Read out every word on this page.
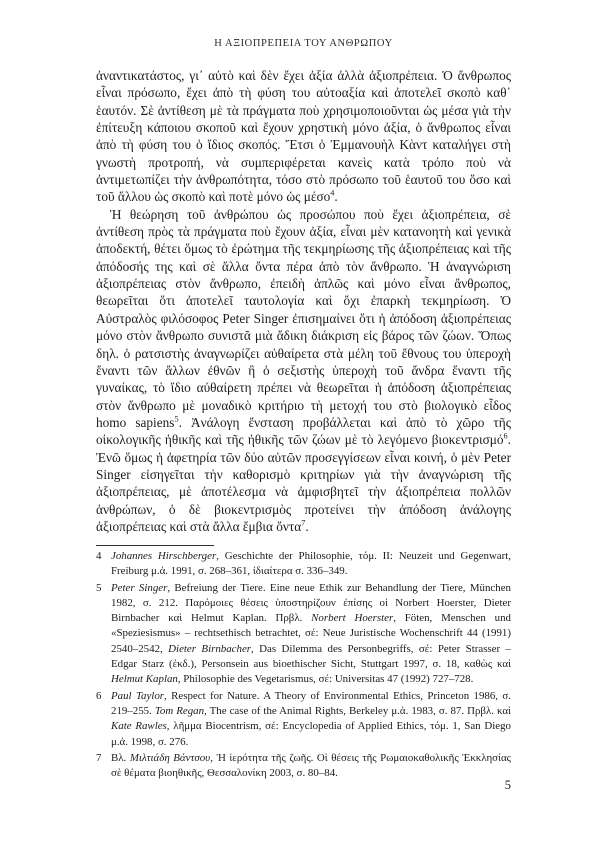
Η ΑΞΙΟΠΡΕΠΕΙΑ ΤΟΥ ΑΝΘΡΩΠΟΥ

ἀναντικατάστος, γι᾽ αὐτὸ καὶ δὲν ἔχει ἀξία ἀλλὰ ἀξιοπρέπεια. Ὁ ἄνθρωπος εἶναι πρόσωπο, ἔχει ἀπὸ τὴ φύση του αὐτοαξία καὶ ἀποτελεῖ σκοπὸ καθ᾽ ἑαυτόν. Σὲ ἀντίθεση μὲ τὰ πράγματα ποὺ χρησιμοποιοῦνται ὡς μέσα γιὰ τὴν ἐπίτευξη κάποιου σκοποῦ καὶ ἔχουν χρηστικὴ μόνο ἀξία, ὁ ἄνθρωπος εἶναι ἀπὸ τὴ φύση του ὁ ἴδιος σκοπός. Ἔτσι ὁ Ἐμμανουὴλ Κὰντ καταλήγει στὴ γνωστὴ προτροπή, νὰ συμπεριφέρεται κανεὶς κατὰ τρόπο ποὺ νὰ ἀντιμετωπίζει τὴν ἀνθρωπότητα, τόσο στὸ πρόσωπο τοῦ ἑαυτοῦ του ὅσο καὶ τοῦ ἄλλου ὡς σκοπὸ καὶ ποτὲ μόνο ὡς μέσο$^4$.

Ἡ θεώρηση τοῦ ἀνθρώπου ὡς προσώπου ποὺ ἔχει ἀξιοπρέπεια, σὲ ἀντίθεση πρὸς τὰ πράγματα ποὺ ἔχουν ἀξία, εἶναι μὲν κατανοητὴ καὶ γενικὰ ἀποδεκτή, θέτει ὅμως τὸ ἐρώτημα τῆς τεκμηρίωσης τῆς ἀξιοπρέπειας καὶ τῆς ἀπόδοσής της καὶ σὲ ἄλλα ὄντα πέρα ἀπὸ τὸν ἄνθρωπο. Ἡ ἀναγνώριση ἀξιοπρέπειας στὸν ἄνθρωπο, ἐπειδὴ ἁπλῶς καὶ μόνο εἶναι ἄνθρωπος, θεωρεῖται ὅτι ἀποτελεῖ ταυτολογία καὶ ὄχι ἐπαρκὴ τεκμηρίωση. Ὁ Αὐστραλὸς φιλόσοφος Peter Singer ἐπισημαίνει ὅτι ἡ ἀπόδοση ἀξιοπρέπειας μόνο στὸν ἄνθρωπο συνιστᾶ μιὰ ἄδικη διάκριση εἰς βάρος τῶν ζώων. Ὅπως δηλ. ὁ ρατσιστὴς ἀναγνωρίζει αὐθαίρετα στὰ μέλη τοῦ ἔθνους του ὑπεροχὴ ἔναντι τῶν ἄλλων ἐθνῶν ἢ ὁ σεξιστὴς ὑπεροχὴ τοῦ ἄνδρα ἔναντι τῆς γυναίκας, τὸ ἴδιο αὐθαίρετη πρέπει νὰ θεωρεῖται ἡ ἀπόδοση ἀξιοπρέπειας στὸν ἄνθρωπο μὲ μοναδικὸ κριτήριο τὴ μετοχή του στὸ βιολογικὸ εἶδος homo sapiens$^5$. Ἀνάλογη ἔνσταση προβάλλεται καὶ ἀπὸ τὸ χῶρο τῆς οἰκολογικῆς ἠθικῆς καὶ τῆς ἠθικῆς τῶν ζώων μὲ τὸ λεγόμενο βιοκεντρισμό$^6$. Ἐνῶ ὅμως ἡ ἀφετηρία τῶν δύο αὐτῶν προσεγγίσεων εἶναι κοινή, ὁ μὲν Peter Singer εἰσηγεῖται τὴν καθορισμὸ κριτηρίων γιὰ τὴν ἀναγνώριση τῆς ἀξιοπρέπειας, μὲ ἀποτέλεσμα νὰ ἀμφισβητεῖ τὴν ἀξιοπρέπεια πολλῶν ἀνθρώπων, ὁ δὲ βιοκεντρισμὸς προτείνει τὴν ἀπόδοση ἀνάλογης ἀξιοπρέπειας καὶ στὰ ἄλλα ἔμβια ὄντα$^7$.

4 Johannes Hirschberger, Geschichte der Philosophie, τόμ. II: Neuzeit und Gegenwart, Freiburg μ.ἀ. 1991, σ. 268–361, ἰδιαίτερα σ. 336–349.

5 Peter Singer, Befreiung der Tiere. Eine neue Ethik zur Behandlung der Tiere, München 1982, σ. 212. Παρόμοιες θέσεις ὑποστηρίζουν ἐπίσης οἱ Norbert Hoerster, Dieter Birnbacher καὶ Helmut Kaplan. Πρβλ. Norbert Hoerster, Föten, Menschen und «Speziesismus» – rechtsethisch betrachtet, σέ: Neue Juristische Wochenschrift 44 (1991) 2540–2542, Dieter Birnbacher, Das Dilemma des Personbegriffs, σέ: Peter Strasser – Edgar Starz (ἐκδ.), Personsein aus bioethischer Sicht, Stuttgart 1997, σ. 18, καθὼς καὶ Helmut Kaplan, Philosophie des Vegetarismus, σέ: Universitas 47 (1992) 727–728.

6 Paul Taylor, Respect for Nature. A Theory of Environmental Ethics, Princeton 1986, σ. 219–255. Tom Regan, The case of the Animal Rights, Berkeley μ.ἀ. 1983, σ. 87. Πρβλ. καὶ Kate Rawles, λῆμμα Biocentrism, σέ: Encyclopedia of Applied Ethics, τόμ. 1, San Diego μ.ἀ. 1998, σ. 276.

7 Βλ. Μιλτιάδη Βάντσου, Ἡ ἱερότητα τῆς ζωῆς. Οἱ θέσεις τῆς Ρωμαιοκαθολικῆς Ἐκκλησίας σὲ θέματα βιοηθικῆς, Θεσσαλονίκη 2003, σ. 80–84.

5
